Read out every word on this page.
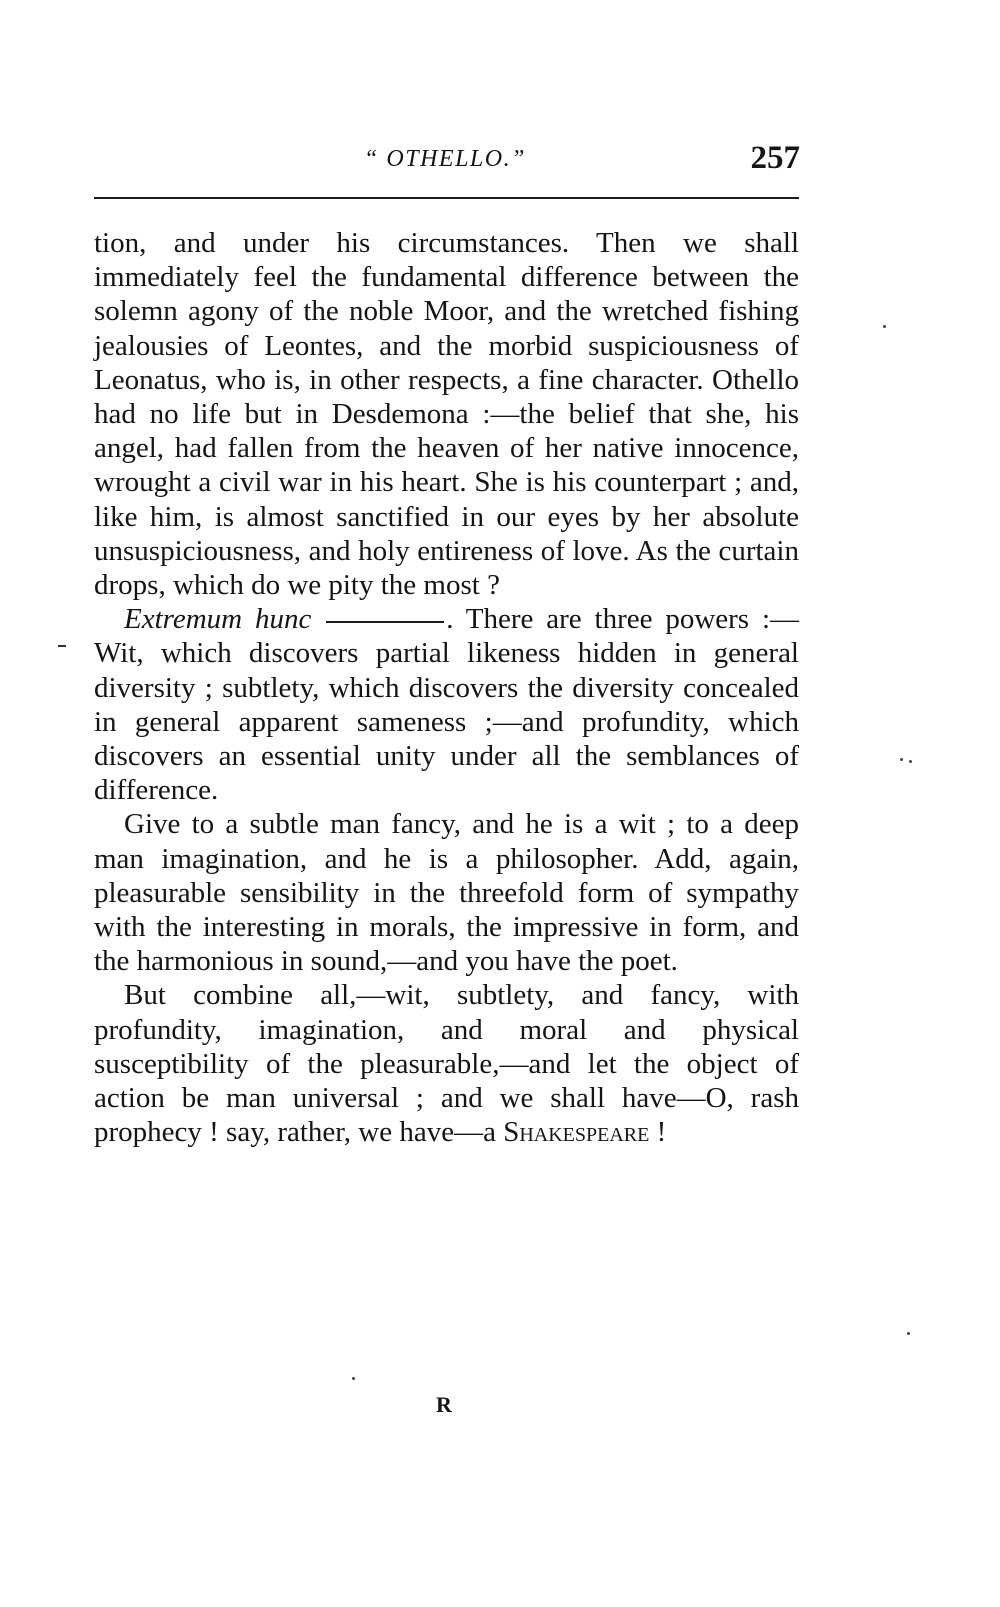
“ OTHELLO.”	257

tion, and under his circumstances. Then we shall immediately feel the fundamental difference between the solemn agony of the noble Moor, and the wretched fishing jealousies of Leontes, and the morbid suspiciousness of Leonatus, who is, in other respects, a fine character. Othello had no life but in Desdemona :—the belief that she, his angel, had fallen from the heaven of her native innocence, wrought a civil war in his heart. She is his counterpart ; and, like him, is almost sanctified in our eyes by her absolute unsuspiciousness, and holy entireness of love. As the curtain drops, which do we pity the most ?

Extremum hunc	. There are three powers :—Wit, which discovers partial likeness hidden in general diversity ; subtlety, which discovers the diversity concealed in general apparent sameness ;—and profundity, which discovers an essential unity under all the semblances of difference.

Give to a subtle man fancy, and he is a wit ; to a deep man imagination, and he is a philosopher. Add, again, pleasurable sensibility in the threefold form of sympathy with the interesting in morals, the impressive in form, and the harmonious in sound,—and you have the poet.

But combine all,—wit, subtlety, and fancy, with profundity, imagination, and moral and physical susceptibility of the pleasurable,—and let the object of action be man universal ; and we shall have—O, rash prophecy ! say, rather, we have—a Shakespeare !

R
